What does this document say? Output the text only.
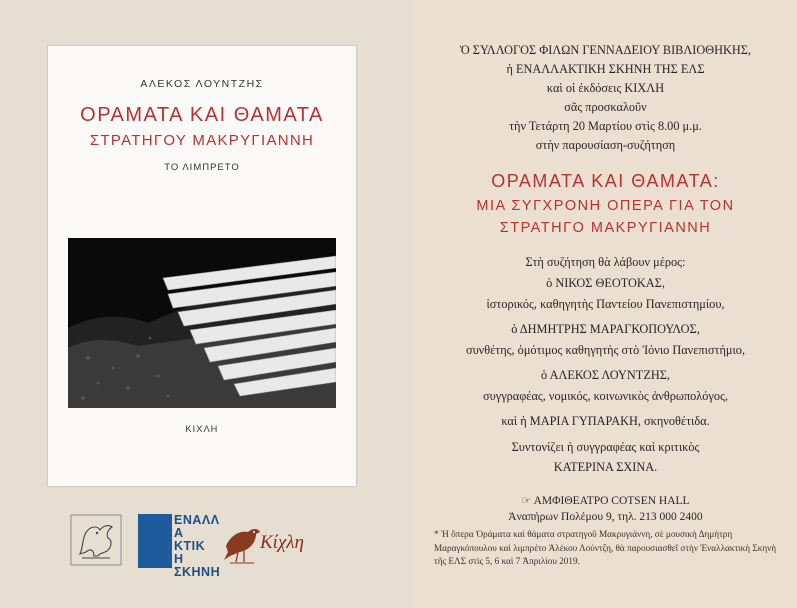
ΑΛΕΚΟΣ ΛΟΥΝΤΖΗΣ
ΟΡΑΜΑΤΑ ΚΑΙ ΘΑΜΑΤΑ
ΣΤΡΑΤΗΓΟΥ ΜΑΚΡΥΓΙΑΝΝΗ
ΤΟ ΛΙΜΠΡΕΤΟ
ΚΙΧΛΗ
ΕΝΑΛΛ
Α
ΚΤΙΚ
Η
ΣΚΗΝΗ
Κίχλη
Ὁ ΣΥΛΛΟΓΟΣ ΦΙΛΩΝ ΓΕΝΝΑΔΕΙΟΥ ΒΙΒΛΙΟΘΗΚΗΣ,
ἡ ΕΝΑΛΛΑΚΤΙΚΗ ΣΚΗΝΗ ΤΗΣ ΕΛΣ
καὶ οἱ ἐκδόσεις ΚΙΧΛΗ
σᾶς προσκαλοῦν
τὴν Τετάρτη 20 Μαρτίου στὶς 8.00 μ.μ.
στὴν παρουσίαση-συζήτηση
ΟΡΑΜΑΤΑ ΚΑΙ ΘΑΜΑΤΑ:
ΜΙΑ ΣΥΓΧΡΟΝΗ ΟΠΕΡΑ ΓΙΑ ΤΟΝ
ΣΤΡΑΤΗΓΟ ΜΑΚΡΥΓΙΑΝΝΗ
Στὴ συζήτηση θὰ λάβουν μέρος:
ὁ ΝΙΚΟΣ ΘΕΟΤΟΚΑΣ,
ἱστορικός, καθηγητὴς Παντείου Πανεπιστημίου,
ὁ ΔΗΜΗΤΡΗΣ ΜΑΡΑΓΚΟΠΟΥΛΟΣ,
συνθέτης, ὁμότιμος καθηγητὴς στὸ Ἰόνιο Πανεπιστήμιο,
ὁ ΑΛΕΚΟΣ ΛΟΥΝΤΖΗΣ,
συγγραφέας, νομικός, κοινωνικὸς ἀνθρωπολόγος,
καὶ ἡ ΜΑΡΙΑ ΓΥΠΑΡΑΚΗ, σκηνοθέτιδα.
Συντονίζει ἡ συγγραφέας καὶ κριτικὸς
ΚΑΤΕΡΙΝΑ ΣΧΙΝΑ.
☞ ΑΜΦΙΘΕΑΤΡΟ COTSEN HALL
Ἀναπήρων Πολέμου 9, τηλ. 213 000 2400
* Ἡ ὄπερα Ὁράματα καὶ θάματα στρατηγοῦ Μακρυγιάννη, σὲ μουσικὴ Δημήτρη Μαραγκόπουλου καὶ λιμπρέτο Ἀλέκου Λούντζη, θὰ παρουσιασθεῖ στὴν Ἐναλλακτικὴ Σκηνὴ τῆς ΕΛΣ στὶς 5, 6 καὶ 7 Ἀπριλίου 2019.
